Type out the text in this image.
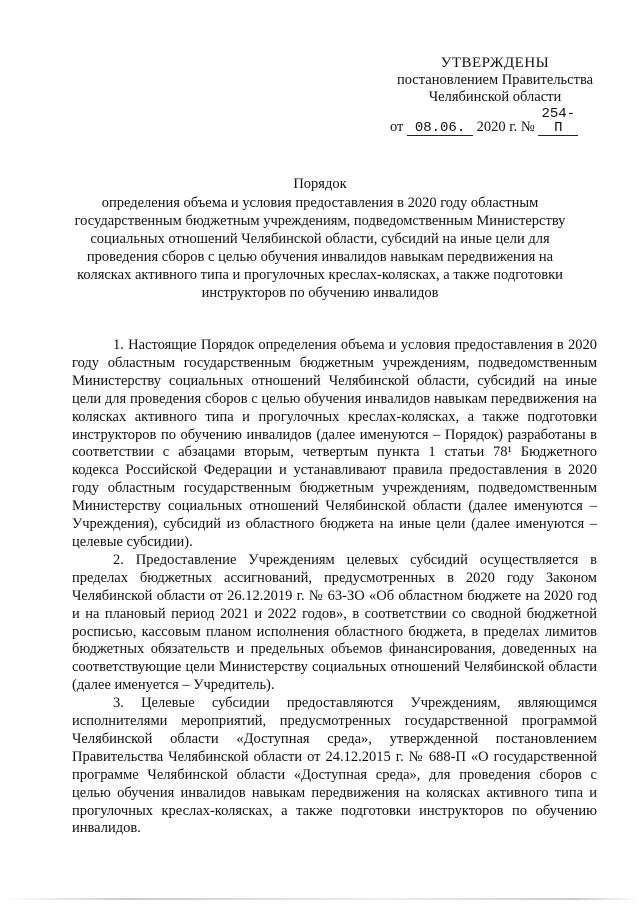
УТВЕРЖДЕНЫ
постановлением Правительства
Челябинской области
от 08.06. 2020 г. № 254-П
Порядок
определения объема и условия предоставления в 2020 году областным государственным бюджетным учреждениям, подведомственным Министерству социальных отношений Челябинской области, субсидий на иные цели для проведения сборов с целью обучения инвалидов навыкам передвижения на колясках активного типа и прогулочных креслах-колясках, а также подготовки инструкторов по обучению инвалидов

1. Настоящие Порядок определения объема и условия предоставления в 2020 году областным государственным бюджетным учреждениям, подведомственным Министерству социальных отношений Челябинской области, субсидий на иные цели для проведения сборов с целью обучения инвалидов навыкам передвижения на колясках активного типа и прогулочных креслах-колясках, а также подготовки инструкторов по обучению инвалидов (далее именуются – Порядок) разработаны в соответствии с абзацами вторым, четвертым пункта 1 статьи 78¹ Бюджетного кодекса Российской Федерации и устанавливают правила предоставления в 2020 году областным государственным бюджетным учреждениям, подведомственным Министерству социальных отношений Челябинской области (далее именуются – Учреждения), субсидий из областного бюджета на иные цели (далее именуются – целевые субсидии).

2. Предоставление Учреждениям целевых субсидий осуществляется в пределах бюджетных ассигнований, предусмотренных в 2020 году Законом Челябинской области от 26.12.2019 г. № 63-ЗО «Об областном бюджете на 2020 год и на плановый период 2021 и 2022 годов», в соответствии со сводной бюджетной росписью, кассовым планом исполнения областного бюджета, в пределах лимитов бюджетных обязательств и предельных объемов финансирования, доведенных на соответствующие цели Министерству социальных отношений Челябинской области (далее именуется – Учредитель).

3. Целевые субсидии предоставляются Учреждениям, являющимся исполнителями мероприятий, предусмотренных государственной программой Челябинской области «Доступная среда», утвержденной постановлением Правительства Челябинской области от 24.12.2015 г. № 688-П «О государственной программе Челябинской области «Доступная среда», для проведения сборов с целью обучения инвалидов навыкам передвижения на колясках активного типа и прогулочных креслах-колясках, а также подготовки инструкторов по обучению инвалидов.
